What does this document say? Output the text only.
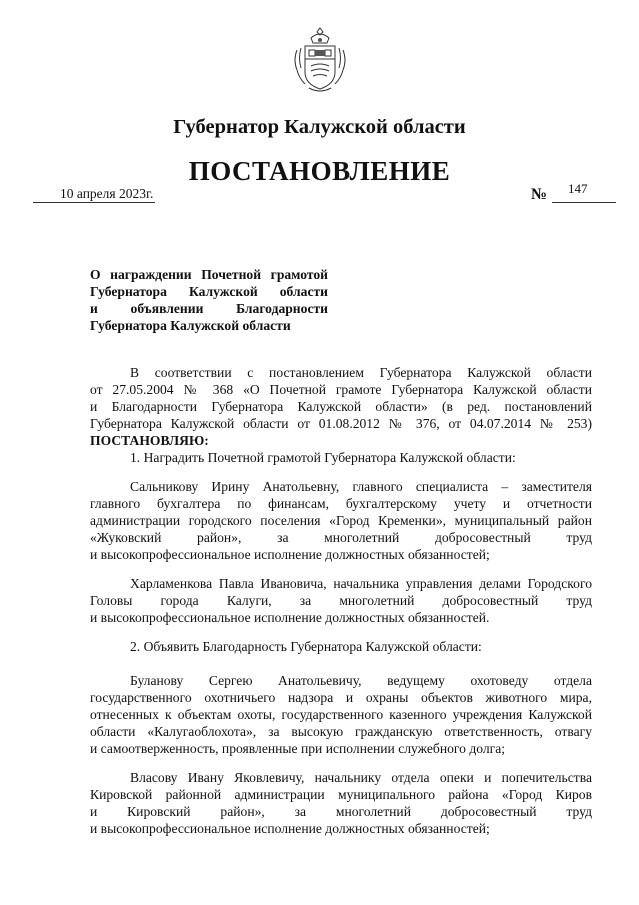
Губернатор Калужской области
ПОСТАНОВЛЕНИЕ
10 апреля 2023 г.	№ 147
О награждении Почетной грамотой
Губернатора Калужской области
и объявлении Благодарности
Губернатора Калужской области
В соответствии с постановлением Губернатора Калужской области
от 27.05.2004 № 368 «О Почетной грамоте Губернатора Калужской области
и Благодарности Губернатора Калужской области» (в ред. постановлений
Губернатора Калужской области от 01.08.2012 № 376, от 04.07.2014 № 253)
ПОСТАНОВЛЯЮ:
1. Наградить Почетной грамотой Губернатора Калужской области:
Сальникову Ирину Анатольевну, главного специалиста – заместителя
главного бухгалтера по финансам, бухгалтерскому учету и отчетности
администрации городского поселения «Город Кременки», муниципальный район
«Жуковский район», за многолетний добросовестный труд
и высокопрофессиональное исполнение должностных обязанностей;
Харламенкова Павла Ивановича, начальника управления делами Городского
Головы города Калуги, за многолетний добросовестный труд
и высокопрофессиональное исполнение должностных обязанностей.
2. Объявить Благодарность Губернатора Калужской области:
Буланову Сергею Анатольевичу, ведущему охотоведу отдела
государственного охотничьего надзора и охраны объектов животного мира,
отнесенных к объектам охоты, государственного казенного учреждения Калужской
области «Калугаоблохота», за высокую гражданскую ответственность, отвагу
и самоотверженность, проявленные при исполнении служебного долга;
Власову Ивану Яковлевичу, начальнику отдела опеки и попечительства
Кировской районной администрации муниципального района «Город Киров
и Кировский район», за многолетний добросовестный труд
и высокопрофессиональное исполнение должностных обязанностей;
